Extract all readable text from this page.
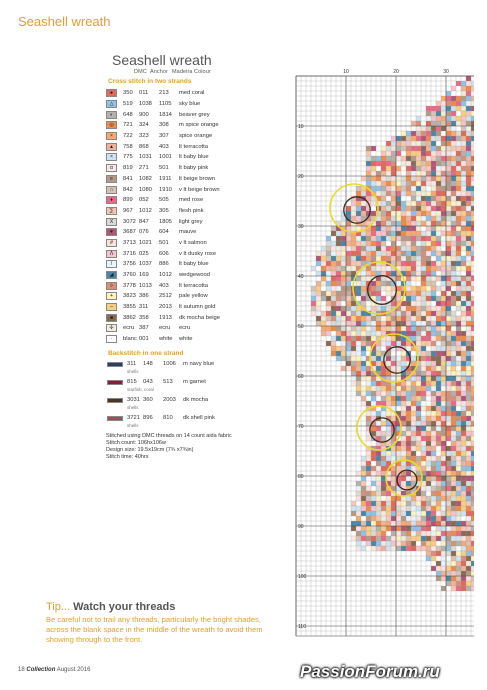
Seashell wreath
Seashell wreath
DMC Anchor MadeiraColour
Cross stitch in two strands
●	350	011	213	med coral
△	519	1038	1105	sky blue
◐	648	900	1814	beaver grey
◎	721	324	308	m spice orange
×	722	323	307	spice orange
▲	758	868	403	lt terracotta
×	775	1031	1001	lt baby blue
α	819	271	501	lt baby pink
≡	841	1082	1911	lt beige brown
∩	842	1080	1910	v lt beige brown
♦	899	052	505	med rose
⅀	967	1012	305	flesh pink
X	3072 847	1805	light grey
♥	3687 076	604	mauve
#	3713 1021	501	v lt salmon
Λ	3716 025	606	v lt dusky rose
/	3756 1037	886	lt baby blue
◢	3760 169	1012	wedgewood
◊	3778 1013	403	lt terracotta
+	3823 386	2512	pale yellow
–	3855 311	2013	lt autumn gold
■	3862 358	1913	dk mocha beige
✢	ecru 387	ecru	ecru
·	blanc 001	white	white
Backstitch in one strand
311	148	1006	m navy blue
shells
815	043	513	m garnet
starfish, coral
3031 360	2003	dk mocha
shells
3721 896	810	dk shell pink
shells
Stitched using DMC threads on 14 count aida fabric
Stitch count: 106hx106w
Design size: 19.5x19cm (7¾ x7¾in)
Stitch time: 40hrs
10	20	30
10
20
30
40
50
60
70
80
90
100
110
Tip... Watch your threads
Be careful not to trail any threads, particularly the bright shades, across the blank space in the middle of the wreath to avoid them showing through to the front.
18 Collection August 2016	PassionForum.ru
